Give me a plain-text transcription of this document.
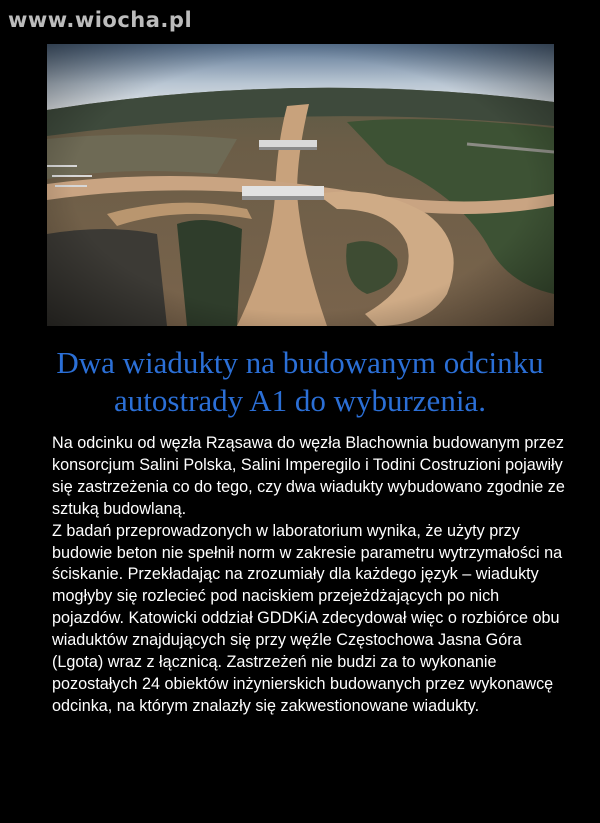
www.wiocha.pl
Dwa wiadukty na budowanym odcinku
autostrady A1 do wyburzenia.

Na odcinku od węzła Rząsawa do węzła Blachownia budowanym przez konsorcjum Salini Polska, Salini Imperegilo i Todini Costruzioni pojawiły się zastrzeżenia co do tego, czy dwa wiadukty wybudowano zgodnie ze sztuką budowlaną.

Z badań przeprowadzonych w laboratorium wynika, że użyty przy budowie beton nie spełnił norm w zakresie parametru wytrzymałości na ściskanie. Przekładając na zrozumiały dla każdego język – wiadukty mogłyby się rozlecieć pod naciskiem przejeżdżających po nich pojazdów. Katowicki oddział GDDKiA zdecydował więc o rozbiórce obu wiaduktów znajdujących się przy węźle Częstochowa Jasna Góra (Lgota) wraz z łącznicą. Zastrzeżeń nie budzi za to wykonanie pozostałych 24 obiektów inżynierskich budowanych przez wykonawcę odcinka, na którym znalazły się zakwestionowane wiadukty.
